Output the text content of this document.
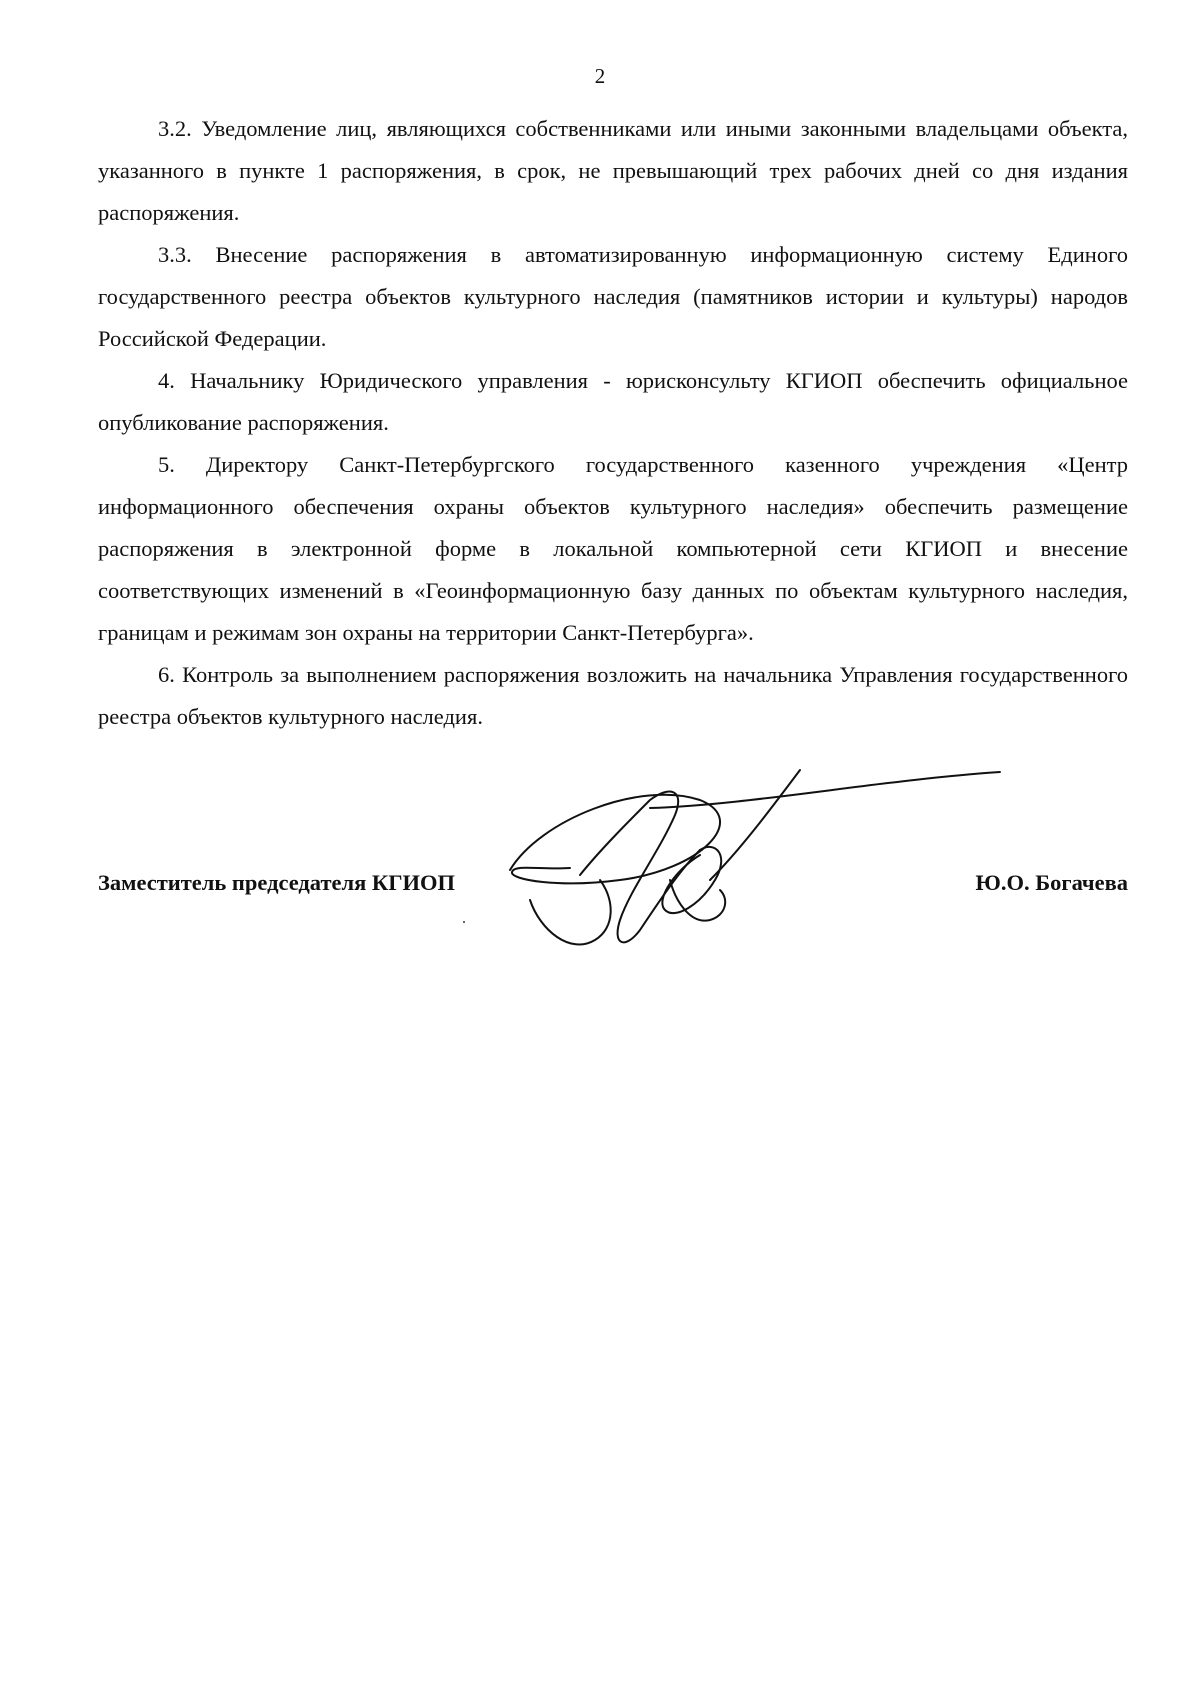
2

3.2. Уведомление лиц, являющихся собственниками или иными законными владельцами объекта, указанного в пункте 1 распоряжения, в срок, не превышающий трех рабочих дней со дня издания распоряжения.

3.3. Внесение распоряжения в автоматизированную информационную систему Единого государственного реестра объектов культурного наследия (памятников истории и культуры) народов Российской Федерации.

4. Начальнику Юридического управления - юрисконсульту КГИОП обеспечить официальное опубликование распоряжения.

5. Директору Санкт-Петербургского государственного казенного учреждения «Центр информационного обеспечения охраны объектов культурного наследия» обеспечить размещение распоряжения в электронной форме в локальной компьютерной сети КГИОП и внесение соответствующих изменений в «Геоинформационную базу данных по объектам культурного наследия, границам и режимам зон охраны на территории Санкт-Петербурга».

6. Контроль за выполнением распоряжения возложить на начальника Управления государственного реестра объектов культурного наследия.

Заместитель председателя КГИОП	Ю.О. Богачева
